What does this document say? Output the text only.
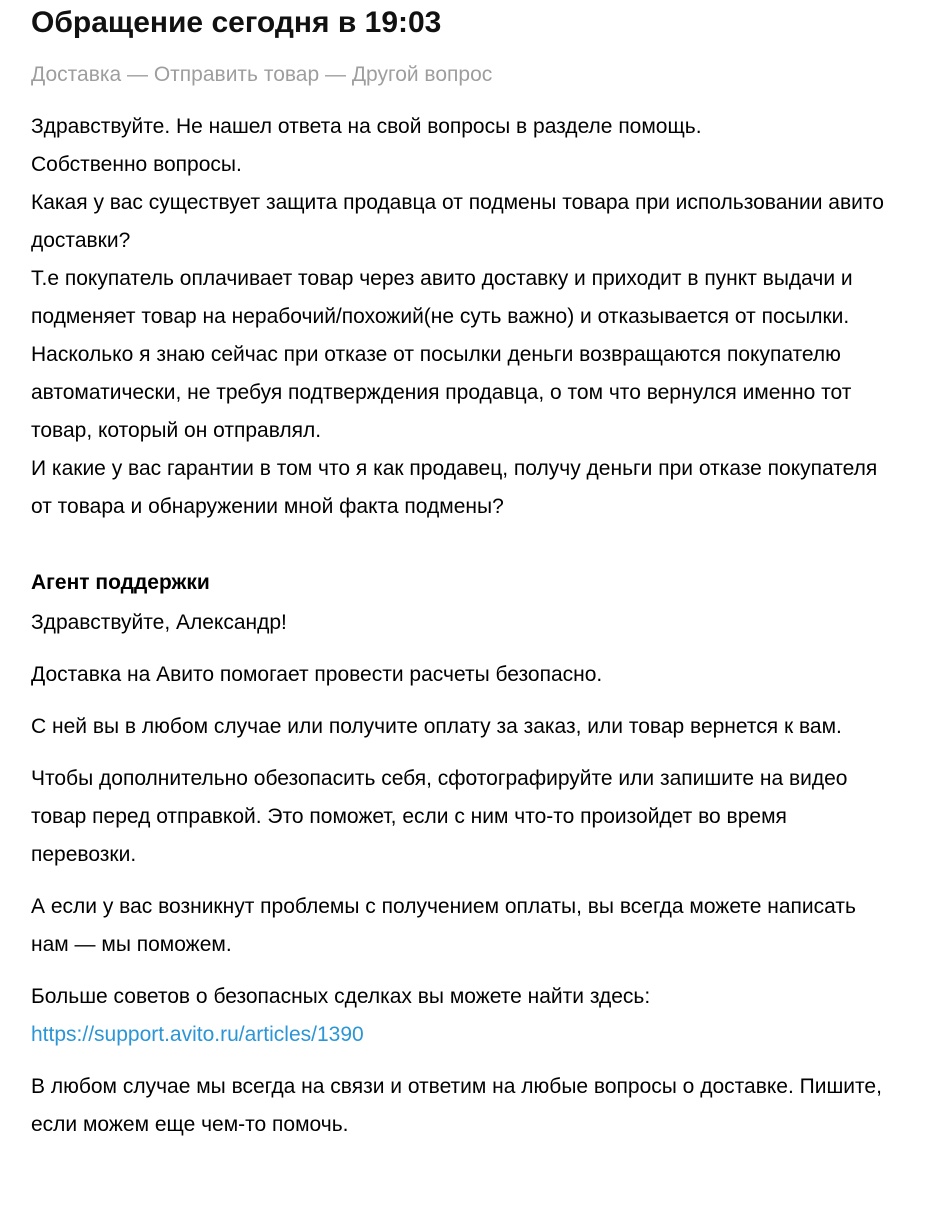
Обращение сегодня в 19:03
Доставка — Отправить товар — Другой вопрос
Здравствуйте. Не нашел ответа на свой вопросы в разделе помощь.
Собственно вопросы.
Какая у вас существует защита продавца от подмены товара при использовании авито доставки?
Т.е покупатель оплачивает товар через авито доставку и приходит в пункт выдачи и подменяет товар на нерабочий/похожий(не суть важно) и отказывается от посылки. Насколько я знаю сейчас при отказе от посылки деньги возвращаются покупателю автоматически, не требуя подтверждения продавца, о том что вернулся именно тот товар, который он отправлял.
И какие у вас гарантии в том что я как продавец, получу деньги при отказе покупателя от товара и обнаружении мной факта подмены?
Агент поддержки

Здравствуйте, Александр!

Доставка на Авито помогает провести расчеты безопасно.

С ней вы в любом случае или получите оплату за заказ, или товар вернется к вам.

Чтобы дополнительно обезопасить себя, сфотографируйте или запишите на видео товар перед отправкой. Это поможет, если с ним что-то произойдет во время перевозки.

А если у вас возникнут проблемы с получением оплаты, вы всегда можете написать нам — мы поможем.

Больше советов о безопасных сделках вы можете найти здесь:
https://support.avito.ru/articles/1390

В любом случае мы всегда на связи и ответим на любые вопросы о доставке. Пишите, если можем еще чем-то помочь.
